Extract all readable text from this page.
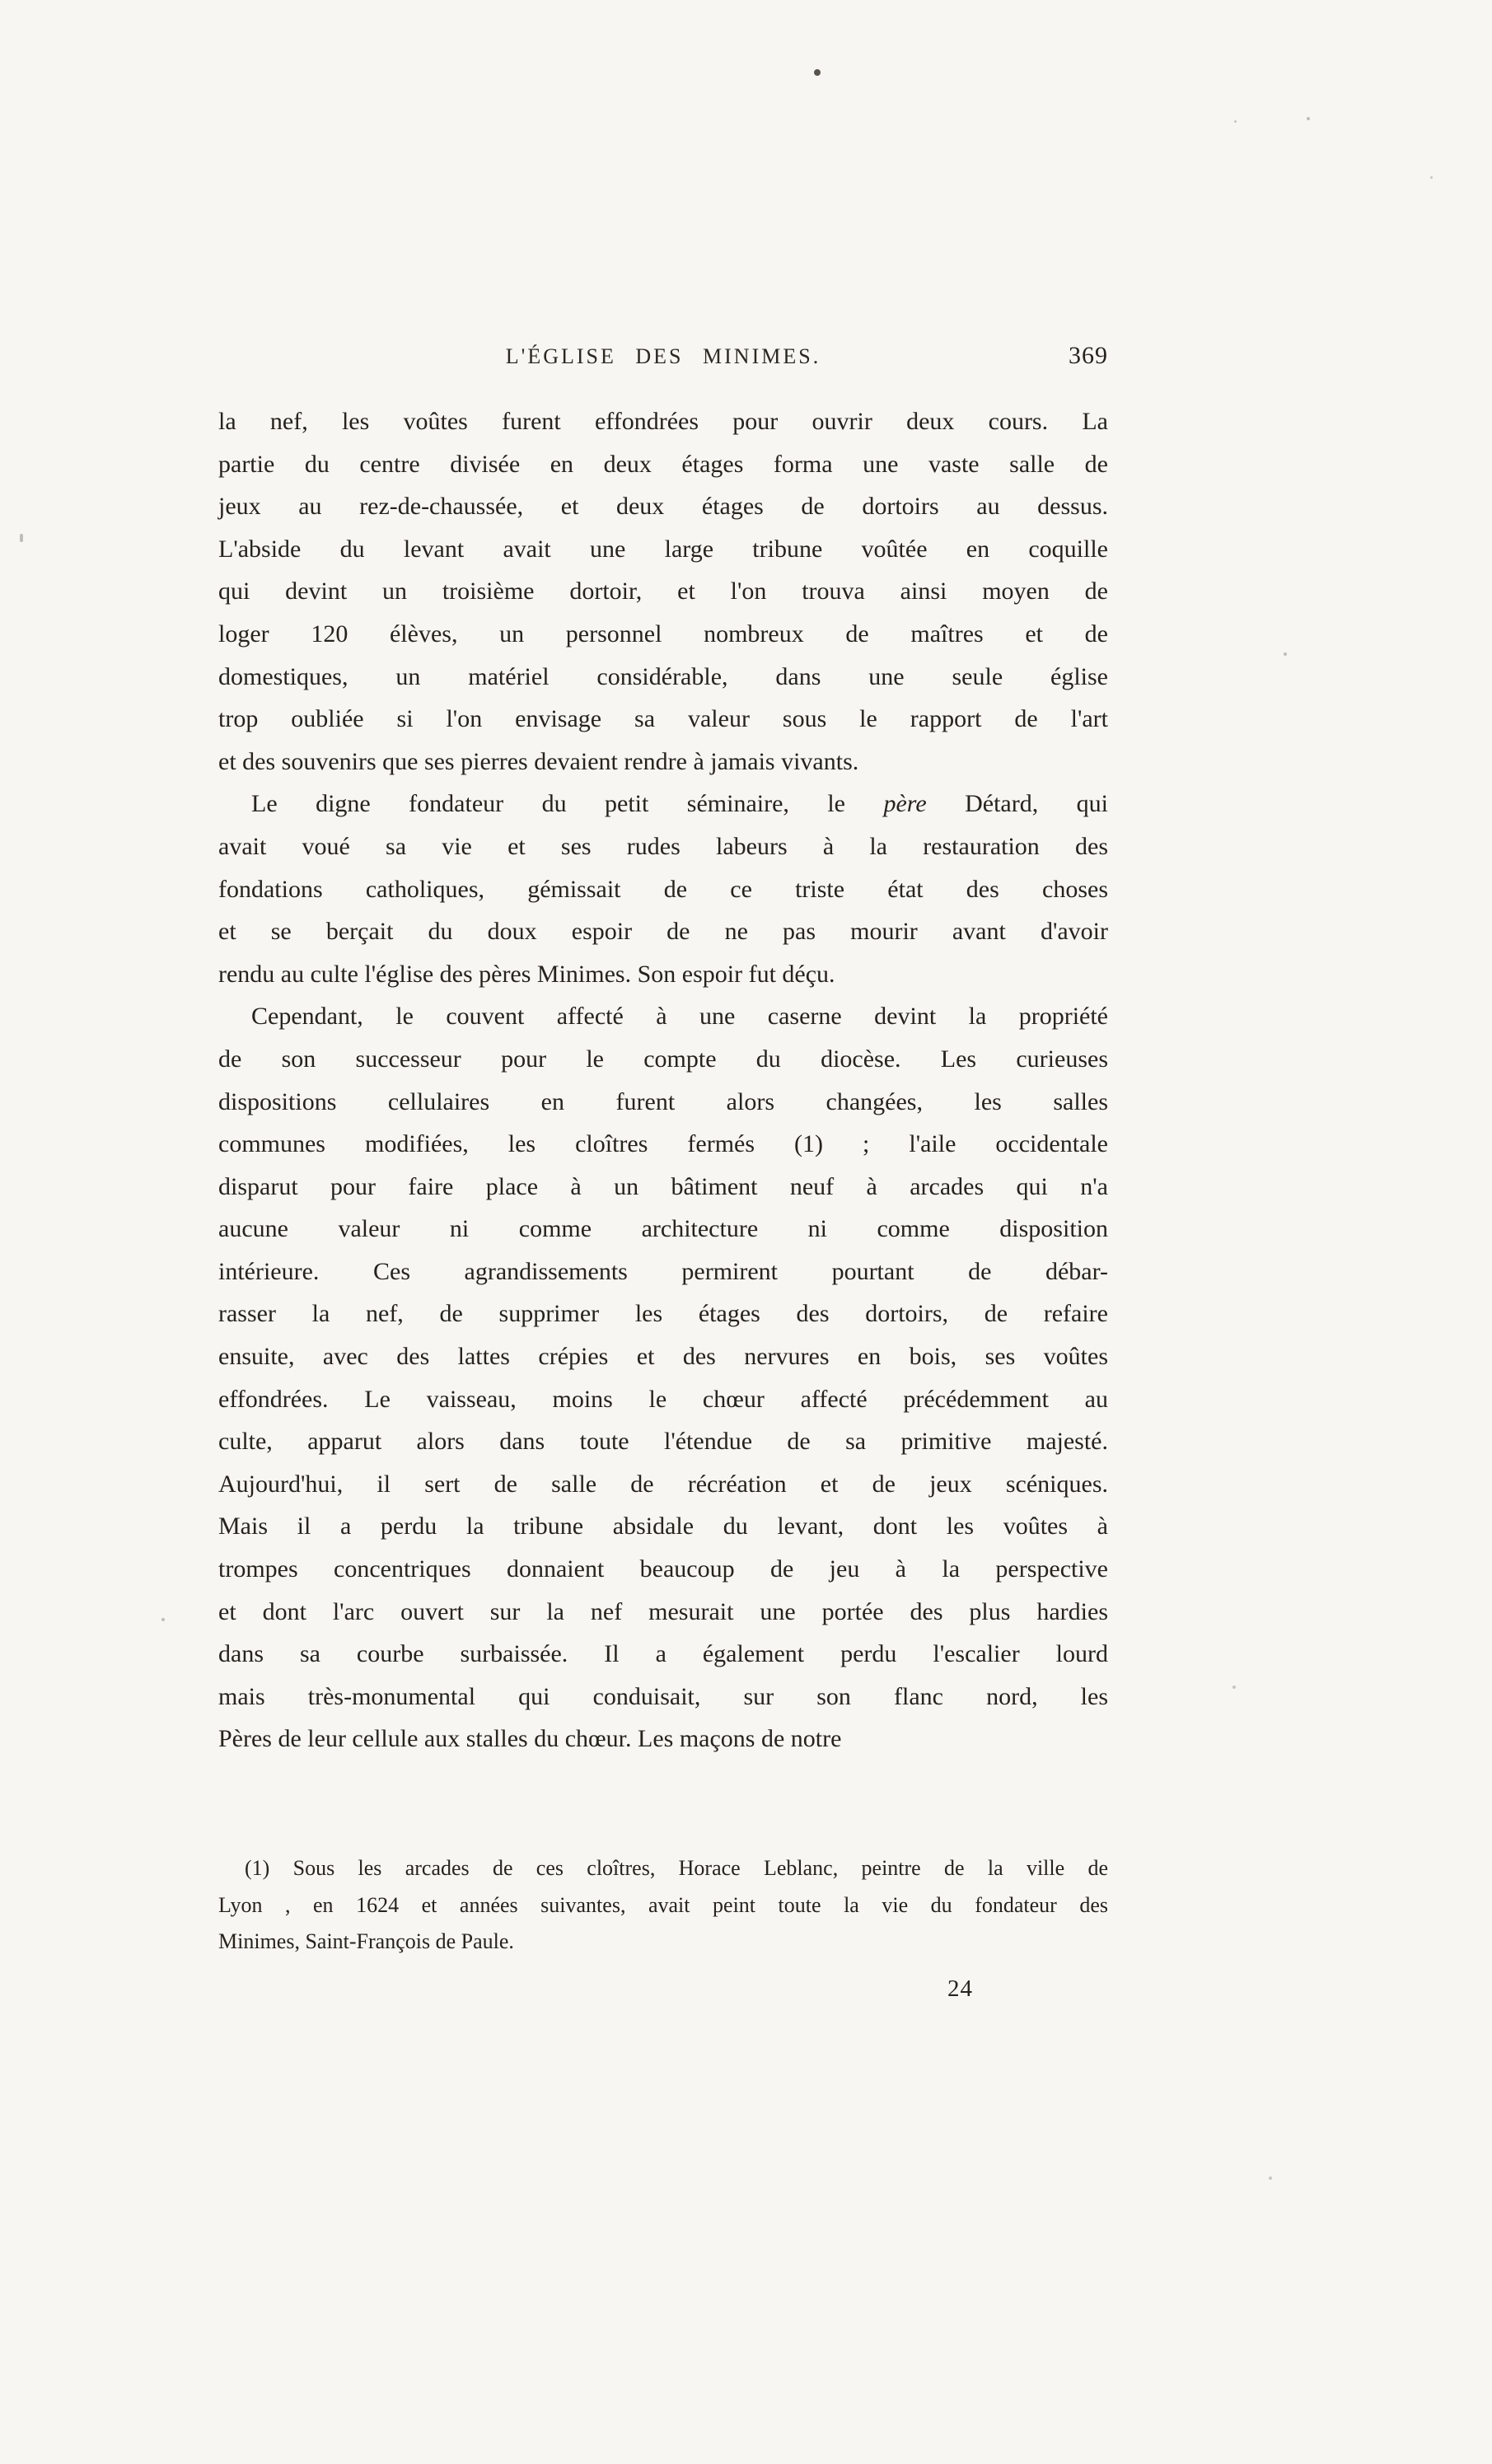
L'ÉGLISE DES MINIMES.	369
la nef, les voûtes furent effondrées pour ouvrir deux cours. La
partie du centre divisée en deux étages forma une vaste salle de
jeux au rez-de-chaussée, et deux étages de dortoirs au dessus.
L'abside du levant avait une large tribune voûtée en coquille
qui devint un troisième dortoir, et l'on trouva ainsi moyen de
loger 120 élèves, un personnel nombreux de maîtres et de
domestiques, un matériel considérable, dans une seule église
trop oubliée si l'on envisage sa valeur sous le rapport de l'art
et des souvenirs que ses pierres devaient rendre à jamais vivants.
Le digne fondateur du petit séminaire, le père Détard, qui
avait voué sa vie et ses rudes labeurs à la restauration des
fondations catholiques, gémissait de ce triste état des choses
et se berçait du doux espoir de ne pas mourir avant d'avoir
rendu au culte l'église des pères Minimes. Son espoir fut déçu.
Cependant, le couvent affecté à une caserne devint la propriété
de son successeur pour le compte du diocèse. Les curieuses
dispositions cellulaires en furent alors changées, les salles
communes modifiées, les cloîtres fermés (1) ; l'aile occidentale
disparut pour faire place à un bâtiment neuf à arcades qui n'a
aucune valeur ni comme architecture ni comme disposition
intérieure. Ces agrandissements permirent pourtant de débar-
rasser la nef, de supprimer les étages des dortoirs, de refaire
ensuite, avec des lattes crépies et des nervures en bois, ses voûtes
effondrées. Le vaisseau, moins le chœur affecté précédemment au
culte, apparut alors dans toute l'étendue de sa primitive majesté.
Aujourd'hui, il sert de salle de récréation et de jeux scéniques.
Mais il a perdu la tribune absidale du levant, dont les voûtes à
trompes concentriques donnaient beaucoup de jeu à la perspective
et dont l'arc ouvert sur la nef mesurait une portée des plus hardies
dans sa courbe surbaissée. Il a également perdu l'escalier lourd
mais très-monumental qui conduisait, sur son flanc nord, les
Pères de leur cellule aux stalles du chœur. Les maçons de notre
(1) Sous les arcades de ces cloîtres, Horace Leblanc, peintre de la ville de
Lyon , en 1624 et années suivantes, avait peint toute la vie du fondateur des
Minimes, Saint-François de Paule.
24
